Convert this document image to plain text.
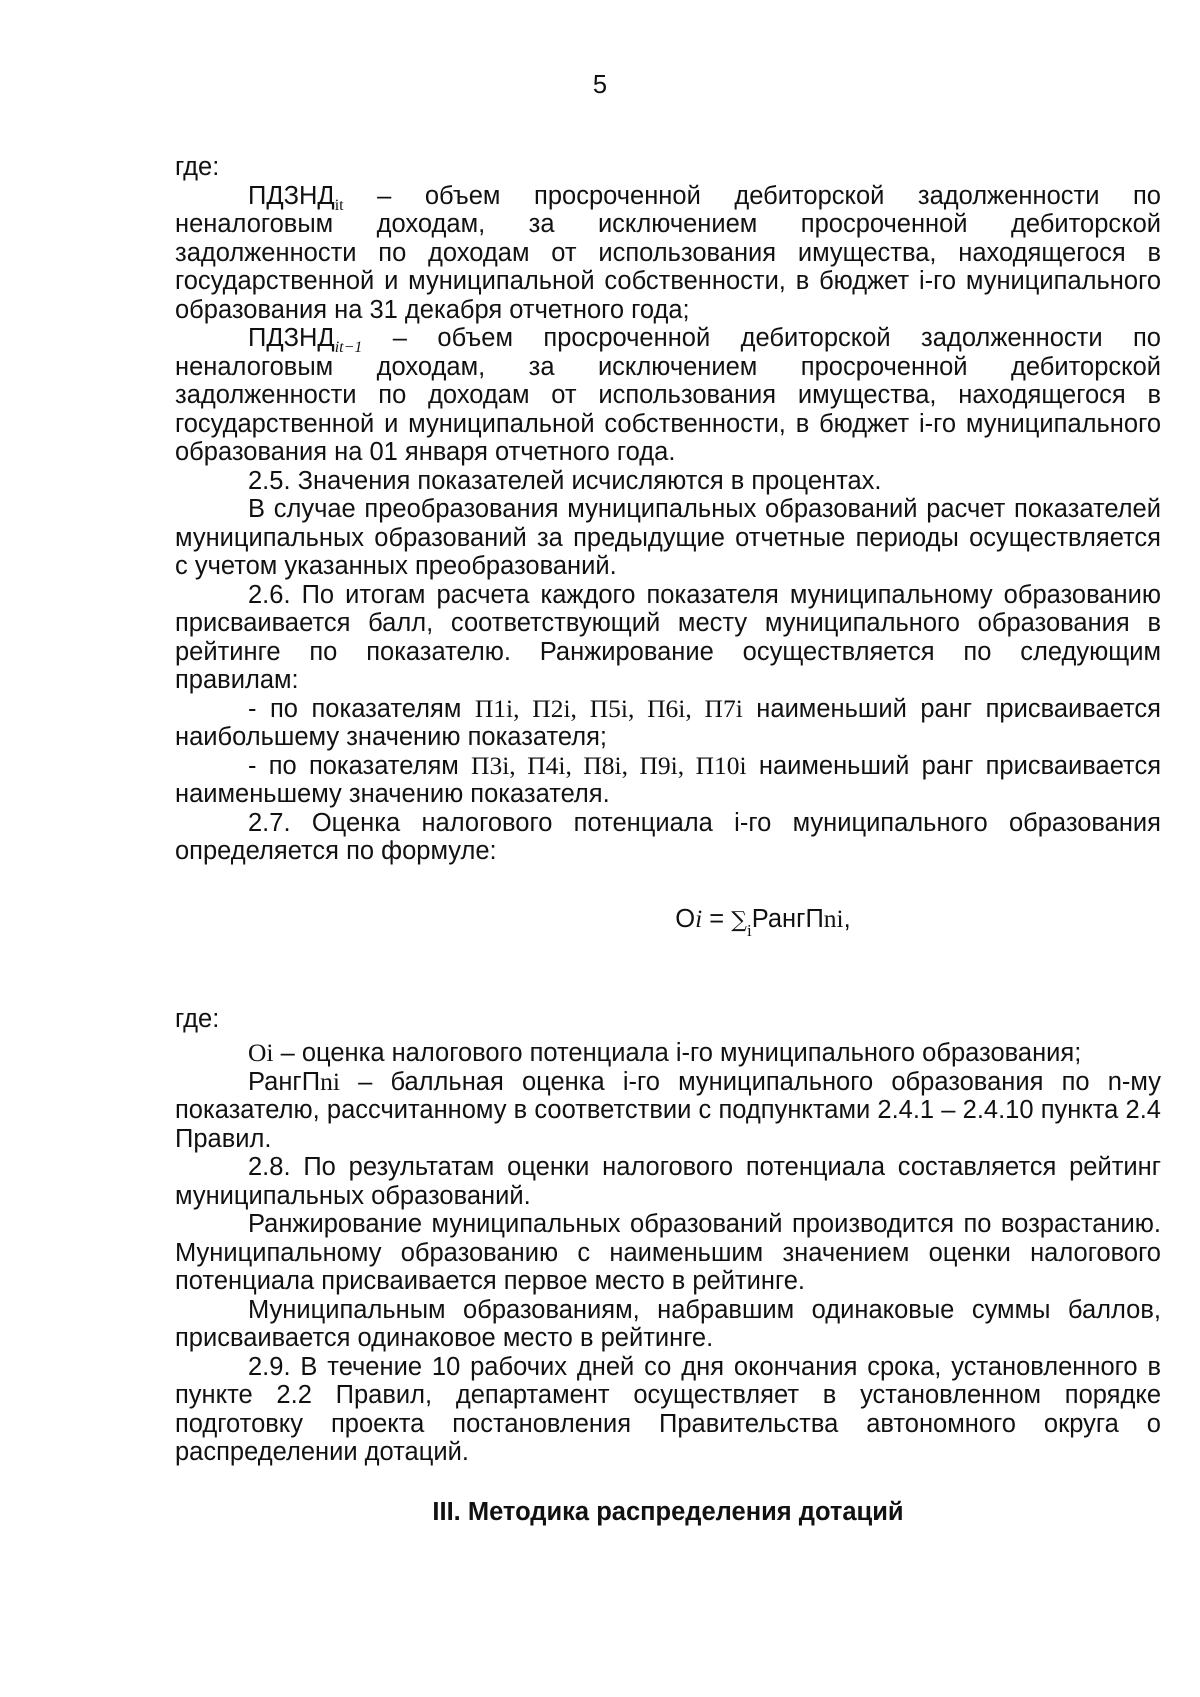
5

где:

$ПДЗНД_{it}$ – объем просроченной дебиторской задолженности по неналоговым доходам, за исключением просроченной дебиторской задолженности по доходам от использования имущества, находящегося в государственной и муниципальной собственности, в бюджет i-го муниципального образования на 31 декабря отчетного года;

$ПДЗНД_{it-1}$ – объем просроченной дебиторской задолженности по неналоговым доходам, за исключением просроченной дебиторской задолженности по доходам от использования имущества, находящегося в государственной и муниципальной собственности, в бюджет i-го муниципального образования на 01 января отчетного года.

2.5. Значения показателей исчисляются в процентах.

В случае преобразования муниципальных образований расчет показателей муниципальных образований за предыдущие отчетные периоды осуществляется с учетом указанных преобразований.

2.6. По итогам расчета каждого показателя муниципальному образованию присваивается балл, соответствующий месту муниципального образования в рейтинге по показателю. Ранжирование осуществляется по следующим правилам:

- по показателям П1i, П2i, П5i, П6i, П7i наименьший ранг присваивается наибольшему значению показателя;

- по показателям П3i, П4i, П8i, П9i, П10i наименьший ранг присваивается наименьшему значению показателя.

2.7. Оценка налогового потенциала i-го муниципального образования определяется по формуле:

Оi = $\sum_iРангПni$,

где:

Оi – оценка налогового потенциала i-го муниципального образования;

РангПni – балльная оценка i-го муниципального образования по n-му показателю, рассчитанному в соответствии с подпунктами 2.4.1 – 2.4.10 пункта 2.4 Правил.

2.8. По результатам оценки налогового потенциала составляется рейтинг муниципальных образований.

Ранжирование муниципальных образований производится по возрастанию. Муниципальному образованию с наименьшим значением оценки налогового потенциала присваивается первое место в рейтинге.

Муниципальным образованиям, набравшим одинаковые суммы баллов, присваивается одинаковое место в рейтинге.

2.9. В течение 10 рабочих дней со дня окончания срока, установленного в пункте 2.2 Правил, департамент осуществляет в установленном порядке подготовку проекта постановления Правительства автономного округа о распределении дотаций.

III. Методика распределения дотаций
